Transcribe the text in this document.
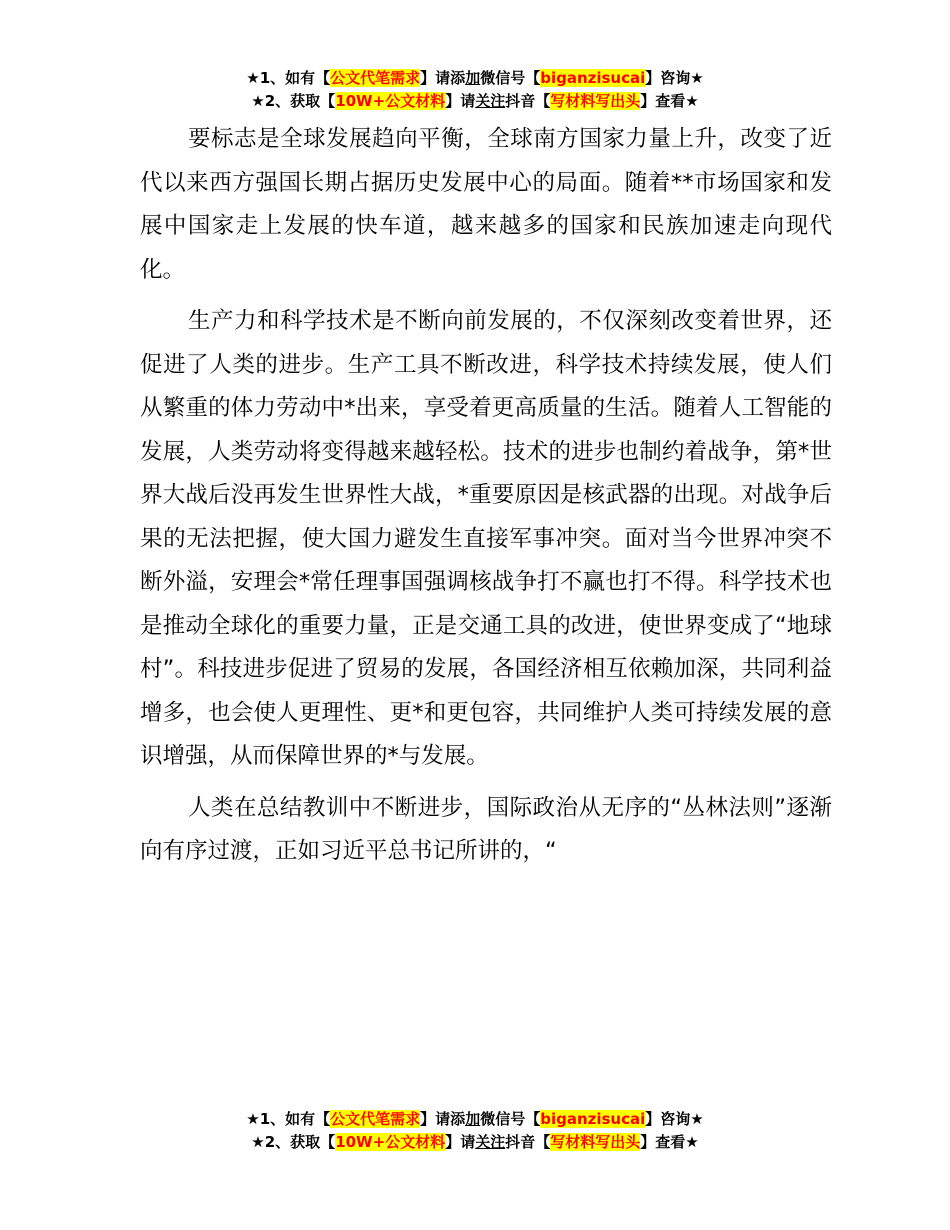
★1、如有【公文代笔需求】请添加微信号【biganzisucai】咨询★
★2、获取【10W+公文材料】请关注抖音【写材料写出头】查看★

要标志是全球发展趋向平衡，全球南方国家力量上升，改变了近代以来西方强国长期占据历史发展中心的局面。随着**市场国家和发展中国家走上发展的快车道，越来越多的国家和民族加速走向现代化。

生产力和科学技术是不断向前发展的，不仅深刻改变着世界，还促进了人类的进步。生产工具不断改进，科学技术持续发展，使人们从繁重的体力劳动中*出来，享受着更高质量的生活。随着人工智能的发展，人类劳动将变得越来越轻松。技术的进步也制约着战争，第*世界大战后没再发生世界性大战，*重要原因是核武器的出现。对战争后果的无法把握，使大国力避发生直接军事冲突。面对当今世界冲突不断外溢，安理会*常任理事国强调核战争打不赢也打不得。科学技术也是推动全球化的重要力量，正是交通工具的改进，使世界变成了“地球村”。科技进步促进了贸易的发展，各国经济相互依赖加深，共同利益增多，也会使人更理性、更*和更包容，共同维护人类可持续发展的意识增强，从而保障世界的*与发展。

人类在总结教训中不断进步，国际政治从无序的“丛林法则”逐渐向有序过渡，正如习近平总书记所讲的，“

★1、如有【公文代笔需求】请添加微信号【biganzisucai】咨询★
★2、获取【10W+公文材料】请关注抖音【写材料写出头】查看★
